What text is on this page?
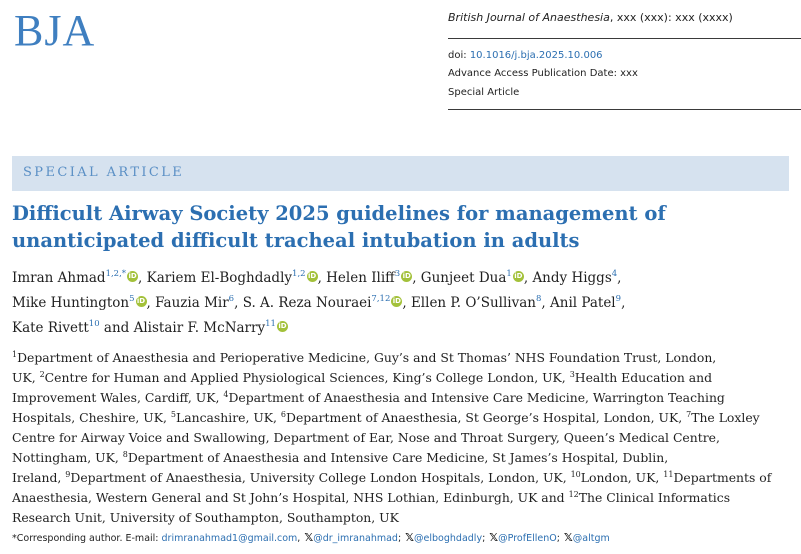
BJA	British Journal of Anaesthesia, xxx (xxx): xxx (xxxx)
doi: 10.1016/j.bja.2025.10.006
Advance Access Publication Date: xxx
Special Article
SPECIAL ARTICLE
Difficult Airway Society 2025 guidelines for management of
unanticipated difficult tracheal intubation in adults
Imran Ahmad$^{1,2,*}$ iD, Kariem El-Boghdadly$^{1,2}$ iD, Helen Iliff$^3$ iD, Gunjeet Dua$^1$ iD, Andy Higgs$^4$,
Mike Huntington$^5$ iD, Fauzia Mir$^6$, S. A. Reza Nouraei$^{7,12}$ iD, Ellen P. O’Sullivan$^8$, Anil Patel$^9$,
Kate Rivett$^{10}$ and Alistair F. McNarry$^{11}$ iD
$^1$Department of Anaesthesia and Perioperative Medicine, Guy’s and St Thomas’ NHS Foundation Trust, London,
UK, $^2$Centre for Human and Applied Physiological Sciences, King’s College London, UK, $^3$Health Education and
Improvement Wales, Cardiff, UK, $^4$Department of Anaesthesia and Intensive Care Medicine, Warrington Teaching
Hospitals, Cheshire, UK, $^5$Lancashire, UK, $^6$Department of Anaesthesia, St George’s Hospital, London, UK, $^7$The Loxley
Centre for Airway Voice and Swallowing, Department of Ear, Nose and Throat Surgery, Queen’s Medical Centre,
Nottingham, UK, $^8$Department of Anaesthesia and Intensive Care Medicine, St James’s Hospital, Dublin,
Ireland, $^9$Department of Anaesthesia, University College London Hospitals, London, UK, $^{10}$London, UK, $^{11}$Departments of
Anaesthesia, Western General and St John’s Hospital, NHS Lothian, Edinburgh, UK and $^{12}$The Clinical Informatics
Research Unit, University of Southampton, Southampton, UK
*Corresponding author. E-mail: drimranahmad1@gmail.com, 𝕏@dr_imranahmad; 𝕏@elboghdadly; 𝕏@ProfEllenO; 𝕏@altgm
